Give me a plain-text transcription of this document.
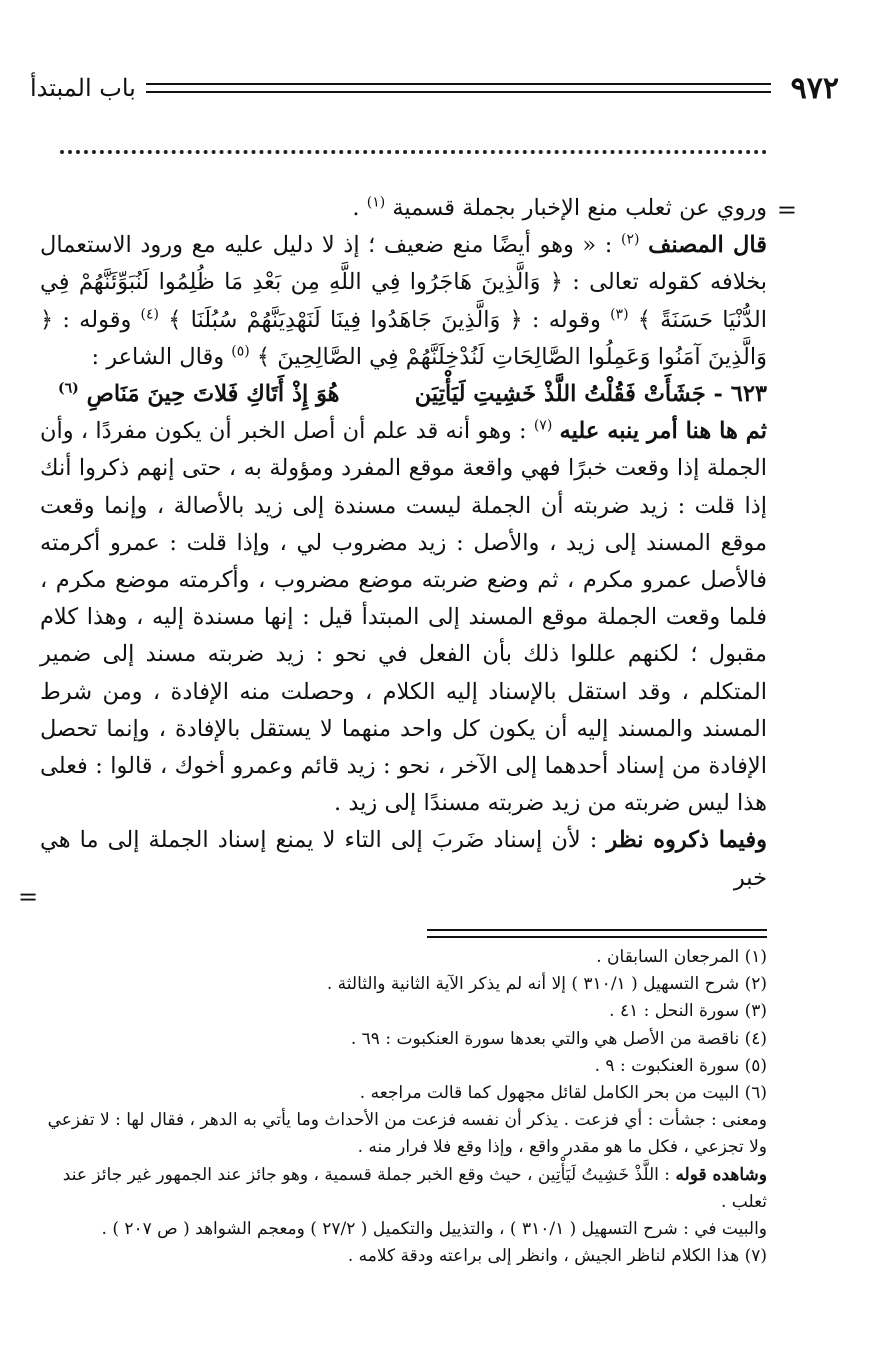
٩٧٢
باب المبتدأ
=
=

وروي عن ثعلب منع الإخبار بجملة قسمية $^{(١)}$ .

قال المصنف $^{(٢)}$ : « وهو أيضًا منع ضعيف ؛ إذ لا دليل عليه مع ورود الاستعمال بخلافه كقوله تعالى : ﴿ وَالَّذِينَ هَاجَرُوا فِي اللَّهِ مِن بَعْدِ مَا ظُلِمُوا لَنُبَوِّئَنَّهُمْ فِي الدُّنْيَا حَسَنَةً ﴾ $^{(٣)}$ وقوله : ﴿ وَالَّذِينَ جَاهَدُوا فِينَا لَنَهْدِيَنَّهُمْ سُبُلَنَا ﴾ $^{(٤)}$ وقوله : ﴿ وَالَّذِينَ آمَنُوا وَعَمِلُوا الصَّالِحَاتِ لَنُدْخِلَنَّهُمْ فِي الصَّالِحِينَ ﴾ $^{(٥)}$ وقال الشاعر :

٦٢٣ - جَشَأَتْ فَقُلْتُ اللَّذْ خَشِيتِ لَيَأْتِيَن
هُوَ إِذْ أَتَاكِ فَلاتَ حِينَ مَنَاصِ $^{(٦)}$

ثم ها هنا أمر ينبه عليه $^{(٧)}$ : وهو أنه قد علم أن أصل الخبر أن يكون مفردًا ، وأن الجملة إذا وقعت خبرًا فهي واقعة موقع المفرد ومؤولة به ، حتى إنهم ذكروا أنك إذا قلت : زيد ضربته أن الجملة ليست مسندة إلى زيد بالأصالة ، وإنما وقعت موقع المسند إلى زيد ، والأصل : زيد مضروب لي ، وإذا قلت : عمرو أكرمته فالأصل عمرو مكرم ، ثم وضع ضربته موضع مضروب ، وأكرمته موضع مكرم ، فلما وقعت الجملة موقع المسند إلى المبتدأ قيل : إنها مسندة إليه ، وهذا كلام مقبول ؛ لكنهم عللوا ذلك بأن الفعل في نحو : زيد ضربته مسند إلى ضمير المتكلم ، وقد استقل بالإسناد إليه الكلام ، وحصلت منه الإفادة ، ومن شرط المسند والمسند إليه أن يكون كل واحد منهما لا يستقل بالإفادة ، وإنما تحصل الإفادة من إسناد أحدهما إلى الآخر ، نحو : زيد قائم وعمرو أخوك ، قالوا : فعلى هذا ليس ضربته من زيد ضربته مسندًا إلى زيد .

وفيما ذكروه نظر : لأن إسناد ضَربَ إلى التاء لا يمنع إسناد الجملة إلى ما هي خبر

(١) المرجعان السابقان .

(٢) شرح التسهيل ( ٣١٠/١ ) إلا أنه لم يذكر الآية الثانية والثالثة .

(٣) سورة النحل : ٤١ .

(٤) ناقصة من الأصل هي والتي بعدها سورة العنكبوت : ٦٩ .

(٥) سورة العنكبوت : ٩ .

(٦) البيت من بحر الكامل لقائل مجهول كما قالت مراجعه .

ومعنى : جشأت : أي فزعت . يذكر أن نفسه فزعت من الأحداث وما يأتي به الدهر ، فقال لها : لا تفزعي ولا تجزعي ، فكل ما هو مقدر واقع ، وإذا وقع فلا فرار منه .

وشاهده قوله : اللَّذْ خَشِيتُ لَيَأْتِين ، حيث وقع الخبر جملة قسمية ، وهو جائز عند الجمهور غير جائز عند ثعلب .

والبيت في : شرح التسهيل ( ٣١٠/١ ) ، والتذييل والتكميل ( ٢٧/٢ ) ومعجم الشواهد ( ص ٢٠٧ ) .

(٧) هذا الكلام لناظر الجيش ، وانظر إلى براعته ودقة كلامه .
